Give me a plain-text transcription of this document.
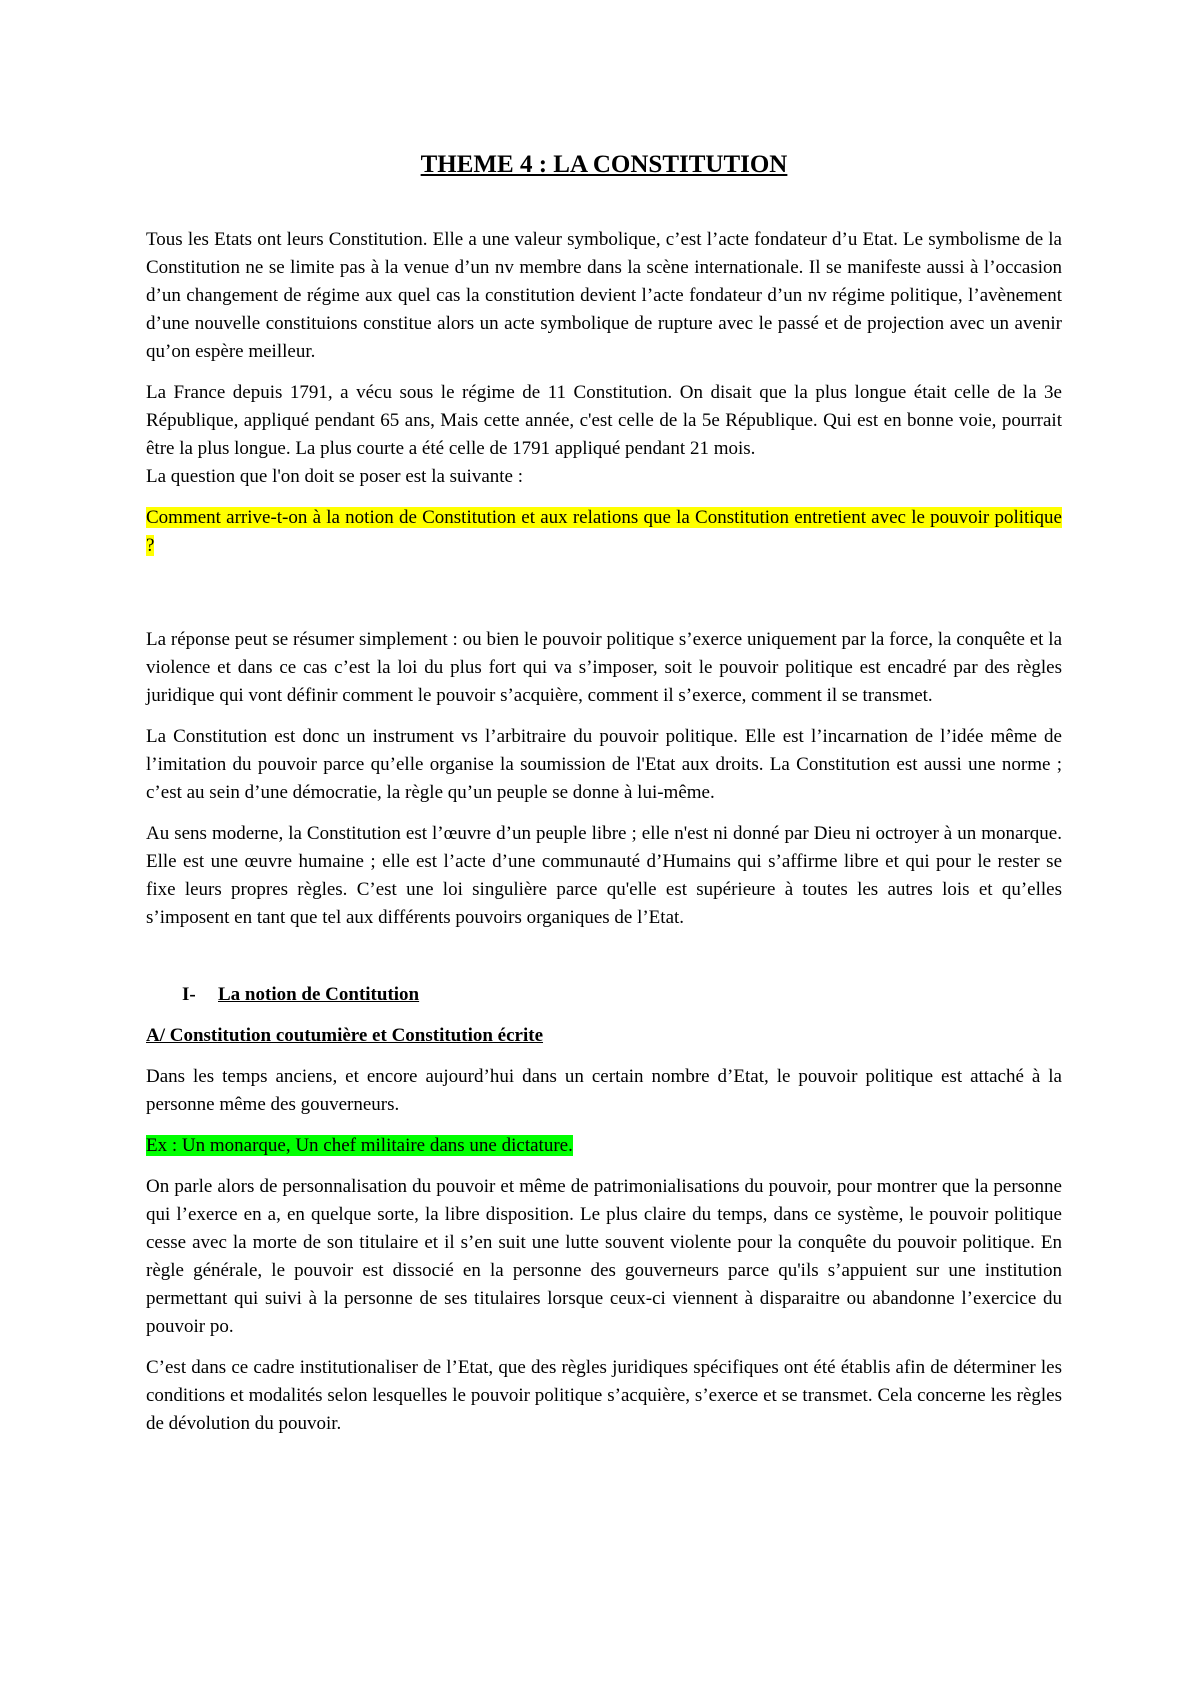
THEME 4 : LA CONSTITUTION

Tous les Etats ont leurs Constitution. Elle a une valeur symbolique, c’est l’acte fondateur d’u Etat. Le symbolisme de la Constitution ne se limite pas à la venue d’un nv membre dans la scène internationale. Il se manifeste aussi à l’occasion d’un changement de régime aux quel cas la constitution devient l’acte fondateur d’un nv régime politique, l’avènement d’une nouvelle constituions constitue alors un acte symbolique de rupture avec le passé et de projection avec un avenir qu’on espère meilleur.

La France depuis 1791, a vécu sous le régime de 11 Constitution. On disait que la plus longue était celle de la 3e République, appliqué pendant 65 ans, Mais cette année, c'est celle de la 5e République. Qui est en bonne voie, pourrait être la plus longue. La plus courte a été celle de 1791 appliqué pendant 21 mois.
La question que l'on doit se poser est la suivante :

Comment arrive-t-on à la notion de Constitution et aux relations que la Constitution entretient avec le pouvoir politique ?

La réponse peut se résumer simplement : ou bien le pouvoir politique s’exerce uniquement par la force, la conquête et la violence et dans ce cas c’est la loi du plus fort qui va s’imposer, soit le pouvoir politique est encadré par des règles juridique qui vont définir comment le pouvoir s’acquière, comment il s’exerce, comment il se transmet.

La Constitution est donc un instrument vs l’arbitraire du pouvoir politique. Elle est l’incarnation de l’idée même de l’imitation du pouvoir parce qu’elle organise la soumission de l'Etat aux droits. La Constitution est aussi une norme ; c’est au sein d’une démocratie, la règle qu’un peuple se donne à lui-même.

Au sens moderne, la Constitution est l’œuvre d’un peuple libre ; elle n'est ni donné par Dieu ni octroyer à un monarque. Elle est une œuvre humaine ; elle est l’acte d’une communauté d’Humains qui s’affirme libre et qui pour le rester se fixe leurs propres règles. C’est une loi singulière parce qu'elle est supérieure à toutes les autres lois et qu’elles s’imposent en tant que tel aux différents pouvoirs organiques de l’Etat.

I-	La notion de Contitution
A/ Constitution coutumière et Constitution écrite

Dans les temps anciens, et encore aujourd’hui dans un certain nombre d’Etat, le pouvoir politique est attaché à la personne même des gouverneurs.

Ex : Un monarque, Un chef militaire dans une dictature.

On parle alors de personnalisation du pouvoir et même de patrimonialisations du pouvoir, pour montrer que la personne qui l’exerce en a, en quelque sorte, la libre disposition. Le plus claire du temps, dans ce système, le pouvoir politique cesse avec la morte de son titulaire et il s’en suit une lutte souvent violente pour la conquête du pouvoir politique. En règle générale, le pouvoir est dissocié en la personne des gouverneurs parce qu'ils s’appuient sur une institution permettant qui suivi à la personne de ses titulaires lorsque ceux-ci viennent à disparaitre ou abandonne l’exercice du pouvoir po.

C’est dans ce cadre institutionaliser de l’Etat, que des règles juridiques spécifiques ont été établis afin de déterminer les conditions et modalités selon lesquelles le pouvoir politique s’acquière, s’exerce et se transmet. Cela concerne les règles de dévolution du pouvoir.
